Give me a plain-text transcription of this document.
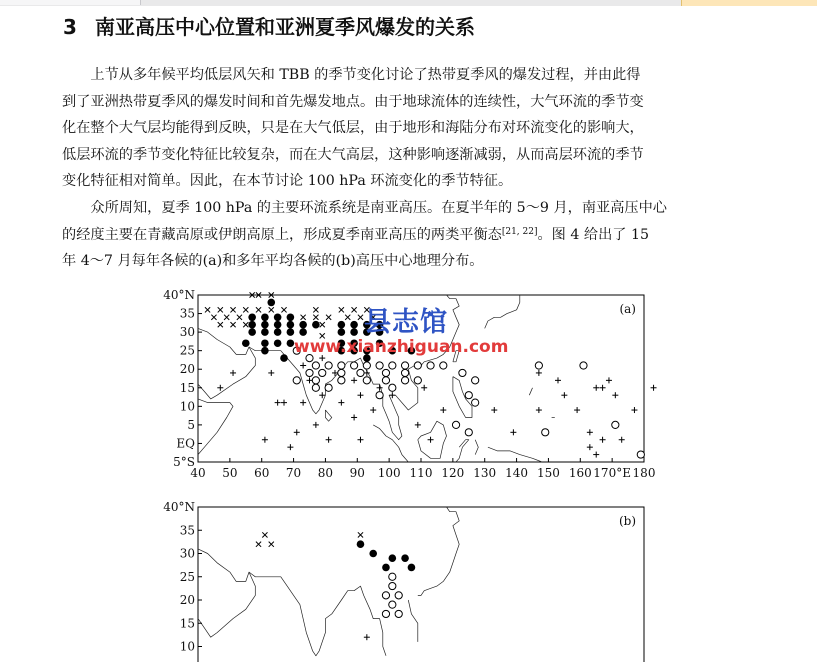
3 南亚高压中心位置和亚洲夏季风爆发的关系
　　上节从多年候平均低层风矢和 TBB 的季节变化讨论了热带夏季风的爆发过程，并由此得
到了亚洲热带夏季风的爆发时间和首先爆发地点。由于地球流体的连续性，大气环流的季节变
化在整个大气层均能得到反映，只是在大气低层，由于地形和海陆分布对环流变化的影响大，
低层环流的季节变化特征比较复杂，而在大气高层，这种影响逐渐减弱，从而高层环流的季节
变化特征相对简单。因此，在本节讨论 100 hPa 环流变化的季节特征。
　　众所周知，夏季 100 hPa 的主要环流系统是南亚高压。在夏半年的 5～9 月，南亚高压中心
的经度主要在青藏高原或伊朗高原上，形成夏季南亚高压的两类平衡态[21, 22]。图 4 给出了 15
年 4～7 月每年各候的(a)和多年平均各候的(b)高压中心地理分布。
40°N
35
30
25
20
15
10
5
EQ
5°S
40 50 60 70 80 90 100 110 120 130 140 150 160 170°E 180
(a)
40°N
35
30
25
20
15
10
(b)
县志馆
www.xianzhiguan.com
